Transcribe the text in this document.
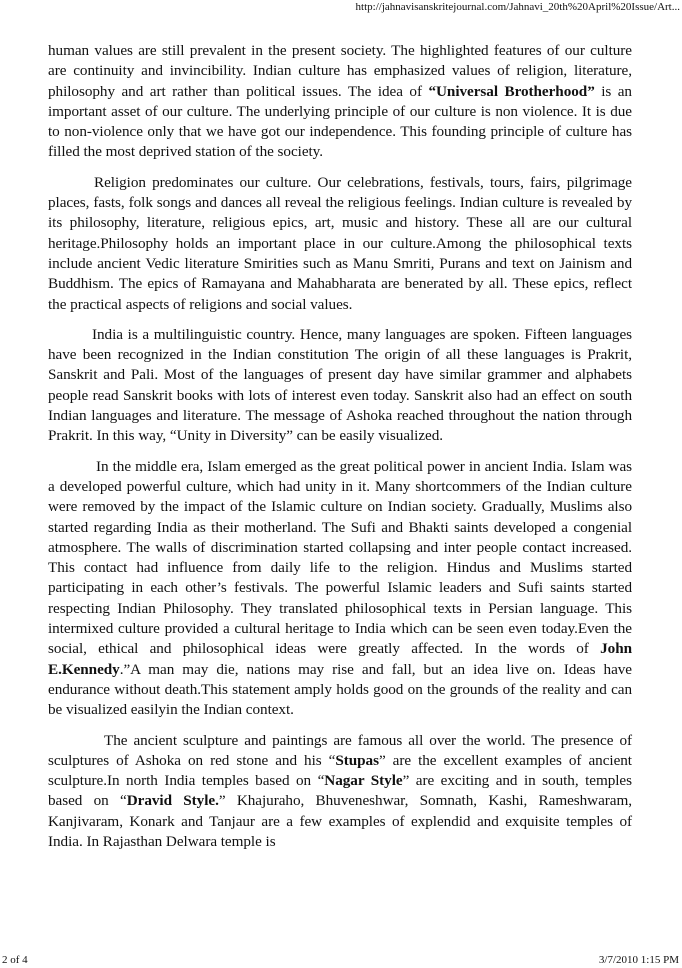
http://jahnavisanskritejournal.com/Jahnavi_20th%20April%20Issue/Art...

human values are still prevalent in the present society. The highlighted features of our culture are continuity and invincibility. Indian culture has emphasized values of religion, literature, philosophy and art rather than political issues. The idea of “Universal Brotherhood” is an important asset of our culture. The underlying principle of our culture is non violence. It is due to non-violence only that we have got our independence. This founding principle of culture has filled the most deprived station of the society.

Religion predominates our culture. Our celebrations, festivals, tours, fairs, pilgrimage places, fasts, folk songs and dances all reveal the religious feelings. Indian culture is revealed by its philosophy, literature, religious epics, art, music and history. These all are our cultural heritage.Philosophy holds an important place in our culture.Among the philosophical texts include ancient Vedic literature Smirities such as Manu Smriti, Purans and text on Jainism and Buddhism. The epics of Ramayana and Mahabharata are benerated by all. These epics, reflect the practical aspects of religions and social values.

India is a multilinguistic country. Hence, many languages are spoken. Fifteen languages have been recognized in the Indian constitution The origin of all these languages is Prakrit, Sanskrit and Pali. Most of the languages of present day have similar grammer and alphabets people read Sanskrit books with lots of interest even today. Sanskrit also had an effect on south Indian languages and literature. The message of Ashoka reached throughout the nation through Prakrit. In this way, “Unity in Diversity” can be easily visualized.

In the middle era, Islam emerged as the great political power in ancient India. Islam was a developed powerful culture, which had unity in it. Many shortcommers of the Indian culture were removed by the impact of the Islamic culture on Indian society. Gradually, Muslims also started regarding India as their motherland. The Sufi and Bhakti saints developed a congenial atmosphere. The walls of discrimination started collapsing and inter people contact increased. This contact had influence from daily life to the religion. Hindus and Muslims started participating in each other’s festivals. The powerful Islamic leaders and Sufi saints started respecting Indian Philosophy. They translated philosophical texts in Persian language. This intermixed culture provided a cultural heritage to India which can be seen even today.Even the social, ethical and philosophical ideas were greatly affected. In the words of John E.Kennedy.”A man may die, nations may rise and fall, but an idea live on. Ideas have endurance without death.This statement amply holds good on the grounds of the reality and can be visualized easilyin the Indian context.

The ancient sculpture and paintings are famous all over the world. The presence of sculptures of Ashoka on red stone and his “Stupas” are the excellent examples of ancient sculpture.In north India temples based on “Nagar Style” are exciting and in south, temples based on “Dravid Style.” Khajuraho, Bhuveneshwar, Somnath, Kashi, Rameshwaram, Kanjivaram, Konark and Tanjaur are a few examples of explendid and exquisite temples of India. In Rajasthan Delwara temple is

2 of 4	3/7/2010 1:15 PM
